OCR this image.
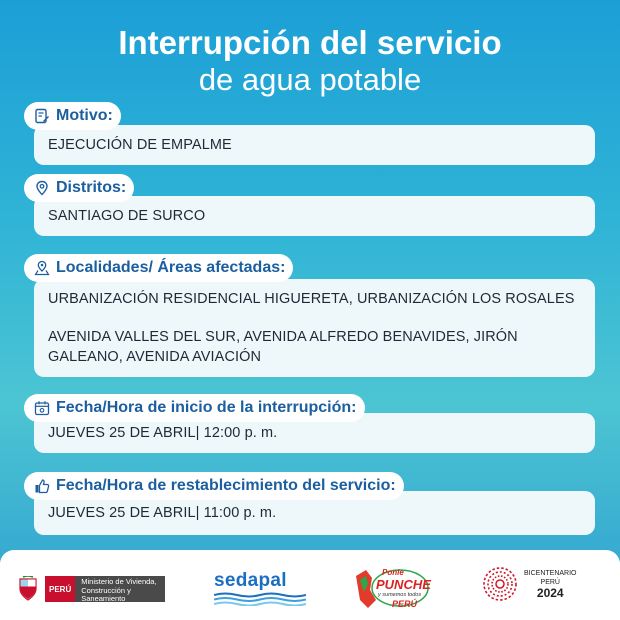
Interrupción del servicio
de agua potable
Motivo:

EJECUCIÓN DE EMPALME

Distritos:

SANTIAGO DE SURCO

Localidades/ Áreas afectadas:

URBANIZACIÓN RESIDENCIAL HIGUERETA, URBANIZACIÓN LOS ROSALES

AVENIDA VALLES DEL SUR, AVENIDA ALFREDO BENAVIDES, JIRÓN GALEANO, AVENIDA AVIACIÓN

Fecha/Hora de inicio de la interrupción:

JUEVES 25 DE ABRIL| 12:00 p. m.

Fecha/Hora de restablecimiento del servicio:

JUEVES 25 DE ABRIL| 11:00 p. m.

PERÚ
Ministerio de Vivienda, Construcción y Saneamiento
sedapal	Ponle
PUNCHE
y sumemos todos
PERÚ
BICENTENARIO
PERÚ
2024
